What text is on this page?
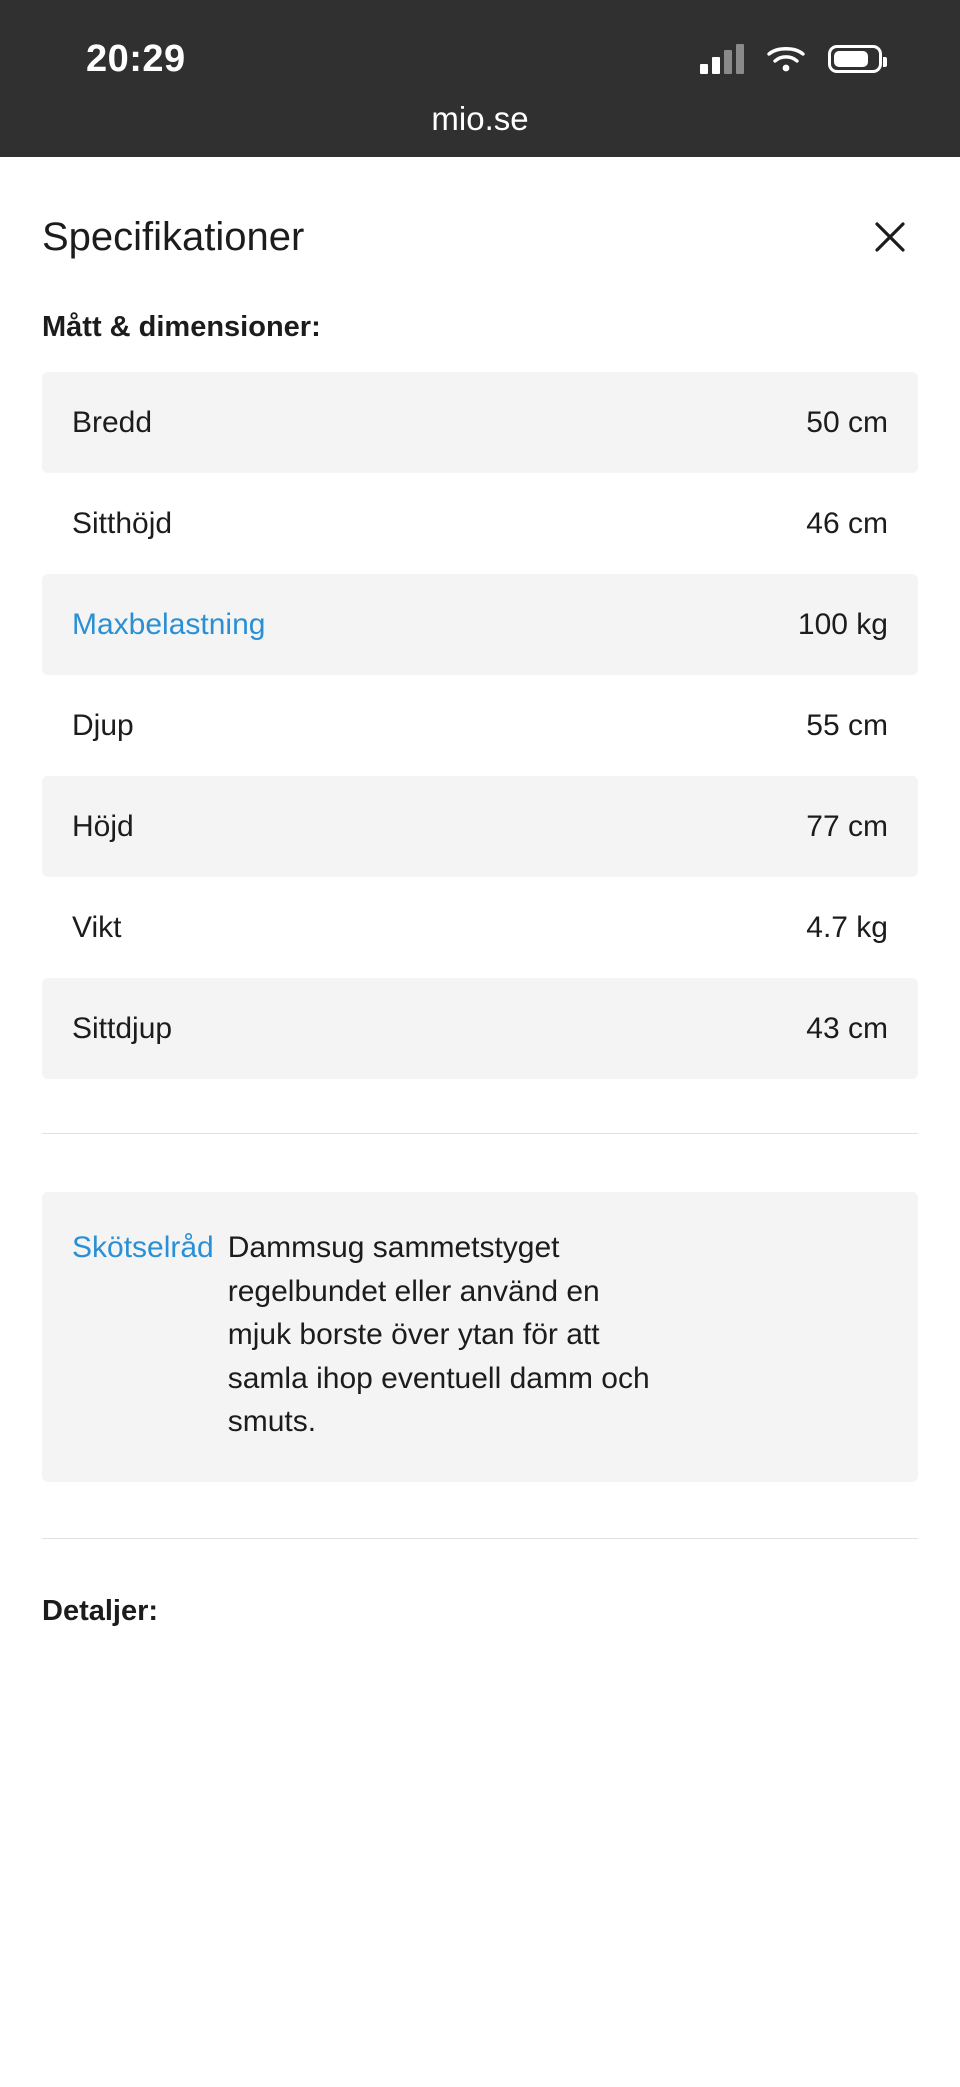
20:29
mio.se
Specifikationer
Mått & dimensioner:
Bredd	50 cm
Sitthöjd	46 cm
Maxbelastning	100 kg
Djup	55 cm
Höjd	77 cm
Vikt	4.7 kg
Sittdjup	43 cm
Skötselråd Dammsug sammetstyget regelbundet eller använd en mjuk borste över ytan för att samla ihop eventuell damm och smuts.
Detaljer:
